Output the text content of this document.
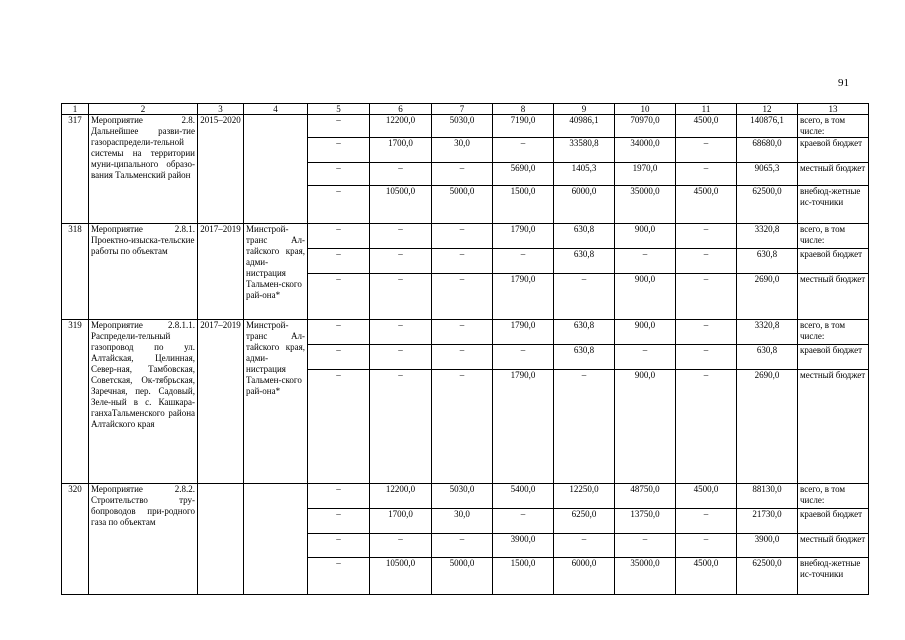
91
1	2	3	4	5	6	7	8	9	10	11	12	13
317	Мероприятие 2.8. Дальнейшее разви-тие газораспредели-тельной системы на территории муни-ципального образо-вания Тальменский район	2015–2020		–	12200,0	5030,0	7190,0	40986,1	70970,0	4500,0	140876,1	всего, в том числе:
				–	1700,0	30,0	–	33580,8	34000,0	–	68680,0	краевой бюджет
				–	–	–	5690,0	1405,3	1970,0	–	9065,3	местный бюджет
				–	10500,0	5000,0	1500,0	6000,0	35000,0	4500,0	62500,0	внебюд-жетные ис-точники
318	Мероприятие 2.8.1. Проектно-изыска-тельские работы по объектам	2017–2019	Минстрой-транс Ал-тайского края, адми-нистрация Тальмен-ского рай-она*	–	–	–	1790,0	630,8	900,0	–	3320,8	всего, в том числе:
				–	–	–	–	630,8	–	–	630,8	краевой бюджет
				–	–	–	1790,0	–	900,0	–	2690,0	местный бюджет
319	Мероприятие 2.8.1.1. Распредели-тельный газопровод по ул. Алтайская, Целинная, Север-ная, Тамбовская, Советская, Ок-тябрьская, Заречная, пер. Садовый, Зеле-ный в с. Кашкара-ганхаТальменского района Алтайского края	2017–2019	Минстрой-транс Ал-тайского края, адми-нистрация Тальмен-ского рай-она*	–	–	–	1790,0	630,8	900,0	–	3320,8	всего, в том числе:
				–	–	–	–	630,8	–	–	630,8	краевой бюджет
				–	–	–	1790,0	–	900,0	–	2690,0	местный бюджет
320	Мероприятие 2.8.2. Строительство тру-бопроводов при-родного газа по объектам			–	12200,0	5030,0	5400,0	12250,0	48750,0	4500,0	88130,0	всего, в том числе:
				–	1700,0	30,0	–	6250,0	13750,0	–	21730,0	краевой бюджет
				–	–	–	3900,0	–	–	–	3900,0	местный бюджет
				–	10500,0	5000,0	1500,0	6000,0	35000,0	4500,0	62500,0	внебюд-жетные ис-точники
